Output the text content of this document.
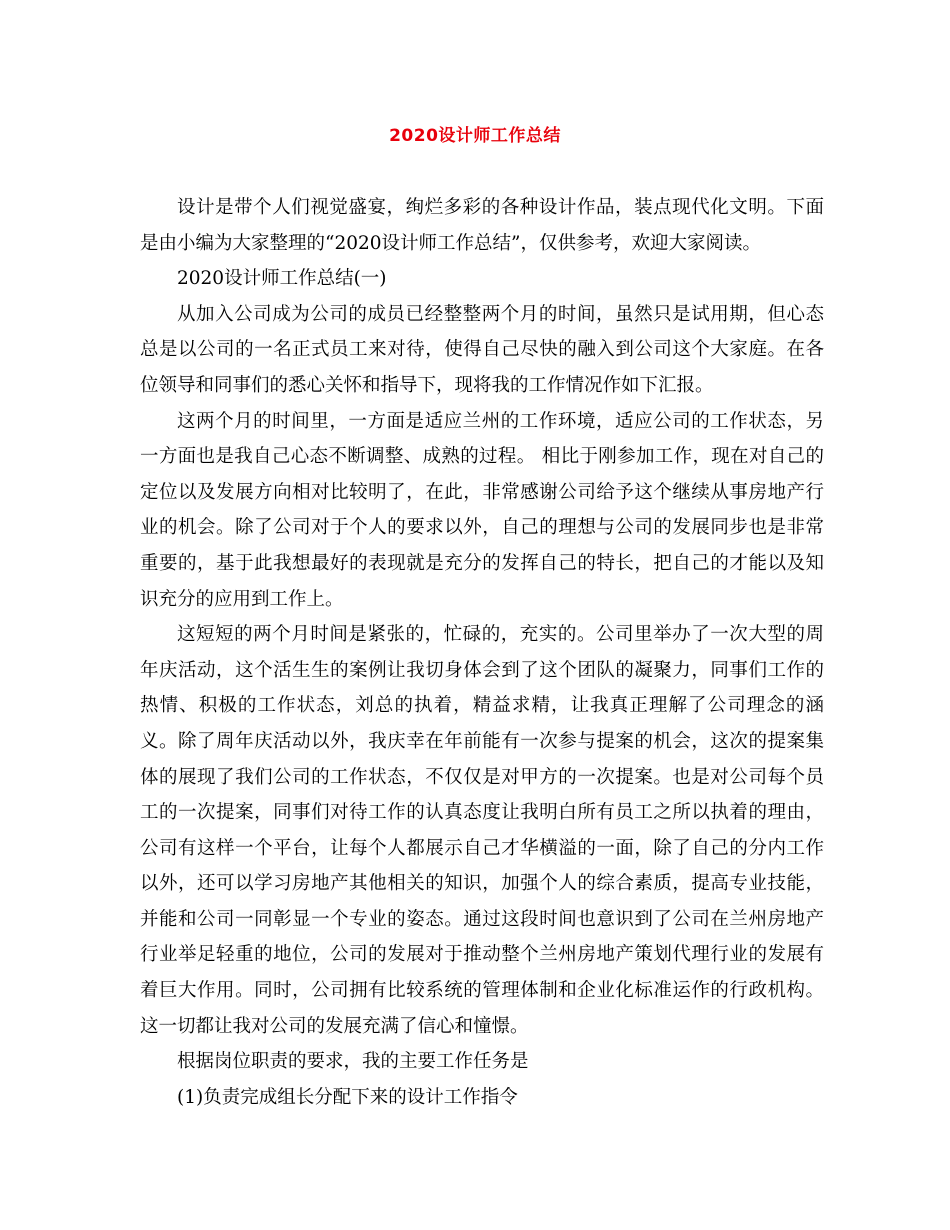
2020设计师工作总结

设计是带个人们视觉盛宴，绚烂多彩的各种设计作品，装点现代化文明。下面是由小编为大家整理的“2020设计师工作总结”，仅供参考，欢迎大家阅读。

2020设计师工作总结(一)

从加入公司成为公司的成员已经整整两个月的时间，虽然只是试用期，但心态总是以公司的一名正式员工来对待，使得自己尽快的融入到公司这个大家庭。在各位领导和同事们的悉心关怀和指导下，现将我的工作情况作如下汇报。

这两个月的时间里，一方面是适应兰州的工作环境，适应公司的工作状态，另一方面也是我自己心态不断调整、成熟的过程。 相比于刚参加工作，现在对自己的定位以及发展方向相对比较明了，在此，非常感谢公司给予这个继续从事房地产行业的机会。除了公司对于个人的要求以外，自己的理想与公司的发展同步也是非常重要的，基于此我想最好的表现就是充分的发挥自己的特长，把自己的才能以及知识充分的应用到工作上。

这短短的两个月时间是紧张的，忙碌的，充实的。公司里举办了一次大型的周年庆活动，这个活生生的案例让我切身体会到了这个团队的凝聚力，同事们工作的热情、积极的工作状态，刘总的执着，精益求精，让我真正理解了公司理念的涵义。除了周年庆活动以外，我庆幸在年前能有一次参与提案的机会，这次的提案集体的展现了我们公司的工作状态，不仅仅是对甲方的一次提案。也是对公司每个员工的一次提案，同事们对待工作的认真态度让我明白所有员工之所以执着的理由，公司有这样一个平台，让每个人都展示自己才华横溢的一面，除了自己的分内工作以外，还可以学习房地产其他相关的知识，加强个人的综合素质，提高专业技能，并能和公司一同彰显一个专业的姿态。通过这段时间也意识到了公司在兰州房地产行业举足轻重的地位，公司的发展对于推动整个兰州房地产策划代理行业的发展有着巨大作用。同时，公司拥有比较系统的管理体制和企业化标准运作的行政机构。这一切都让我对公司的发展充满了信心和憧憬。

根据岗位职责的要求，我的主要工作任务是

(1)负责完成组长分配下来的设计工作指令
